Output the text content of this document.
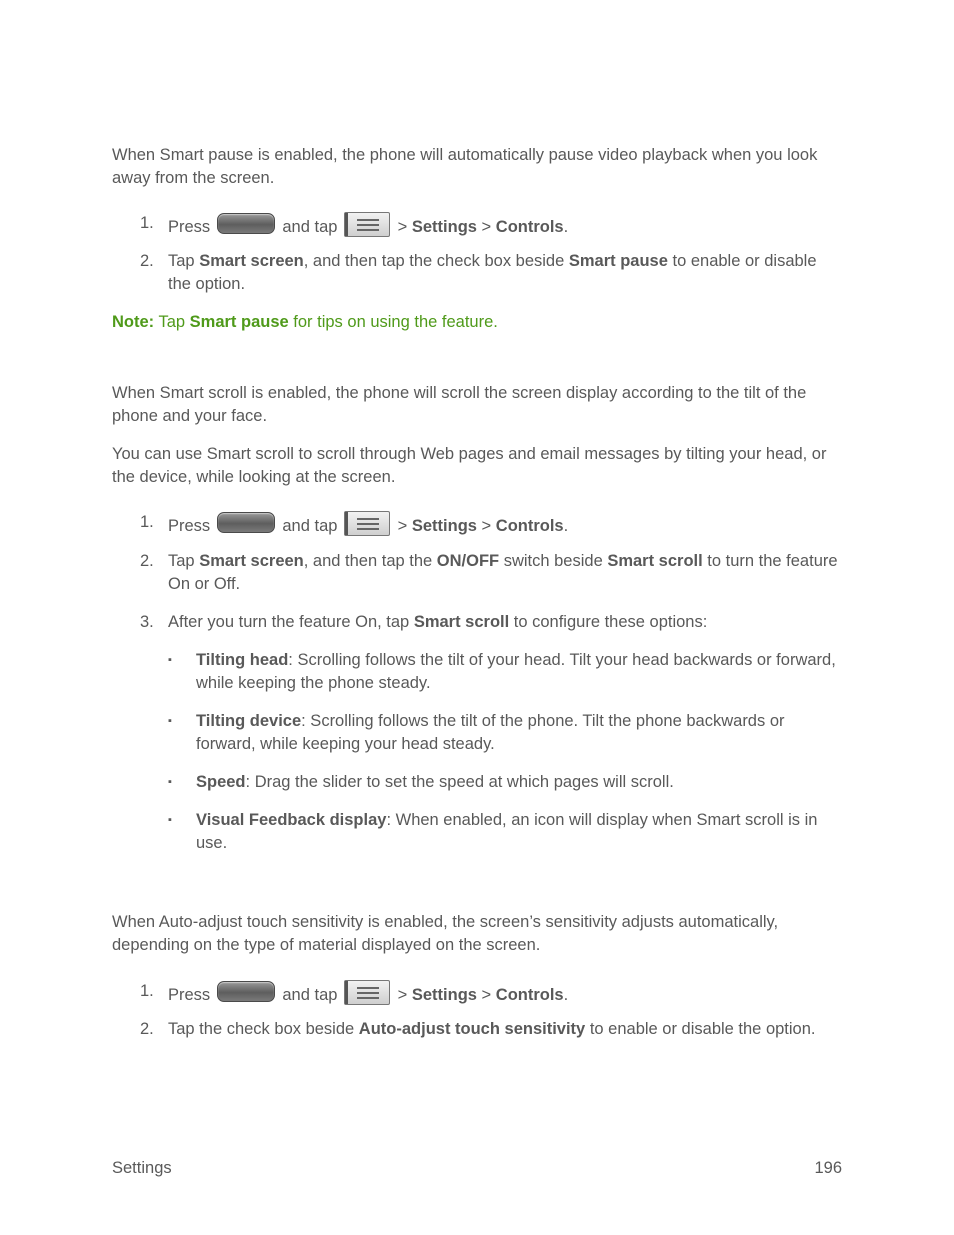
When Smart pause is enabled, the phone will automatically pause video playback when you look away from the screen.

1. Press	and tap	> Settings > Controls.
2. Tap Smart screen, and then tap the check box beside Smart pause to enable or disable the option.

Note: Tap Smart pause for tips on using the feature.

When Smart scroll is enabled, the phone will scroll the screen display according to the tilt of the phone and your face.

You can use Smart scroll to scroll through Web pages and email messages by tilting your head, or the device, while looking at the screen.

1. Press	and tap	> Settings > Controls.
2. Tap Smart screen, and then tap the ON/OFF switch beside Smart scroll to turn the feature On or Off.
3. After you turn the feature On, tap Smart scroll to configure these options:
▪ Tilting head: Scrolling follows the tilt of your head. Tilt your head backwards or forward, while keeping the phone steady.
▪ Tilting device: Scrolling follows the tilt of the phone. Tilt the phone backwards or forward, while keeping your head steady.
▪ Speed: Drag the slider to set the speed at which pages will scroll.
▪ Visual Feedback display: When enabled, an icon will display when Smart scroll is in use.

When Auto-adjust touch sensitivity is enabled, the screen’s sensitivity adjusts automatically, depending on the type of material displayed on the screen.

1. Press	and tap	> Settings > Controls.
2. Tap the check box beside Auto-adjust touch sensitivity to enable or disable the option.
Settings	196
